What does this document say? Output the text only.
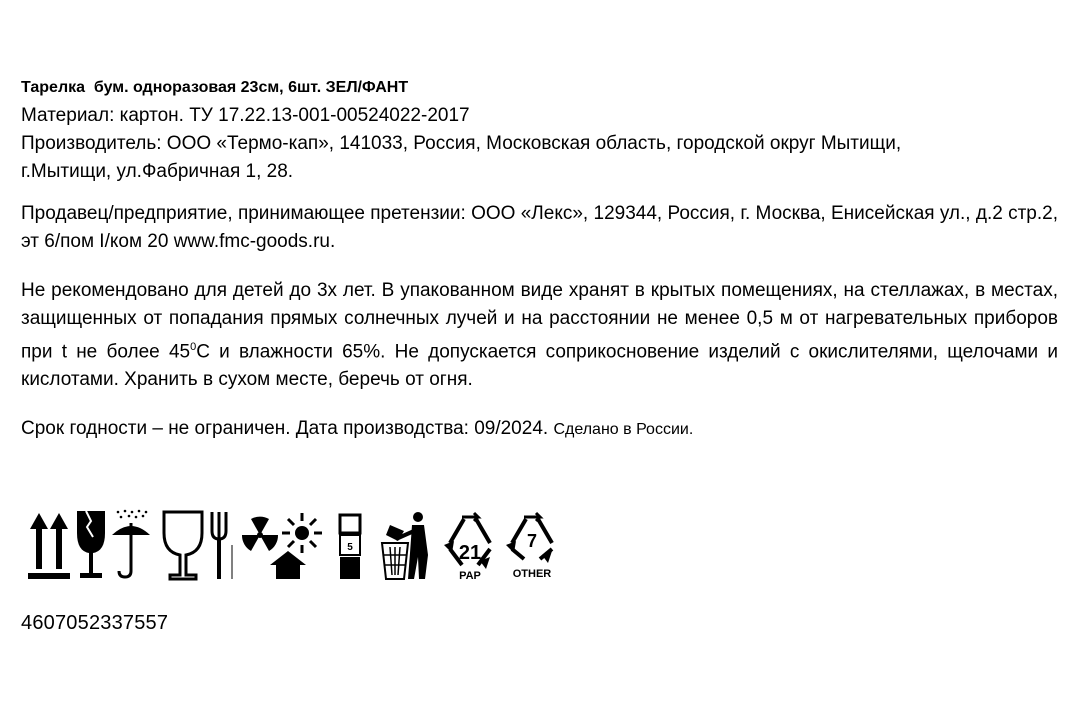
Тарелка  бум. одноразовая 23см, 6шт. ЗЕЛ/ФАНТ

Материал: картон. ТУ 17.22.13-001-00524022-2017

Производитель: ООО «Термо-кап», 141033, Россия, Московская область, городской округ Мытищи,

г.Мытищи, ул.Фабричная 1, 28.

Продавец/предприятие, принимающее претензии: ООО «Лекс», 129344, Россия, г. Москва, Енисейская ул., д.2 стр.2, эт 6/пом I/ком 20 www.fmc-goods.ru.

Не рекомендовано для детей до 3х лет. В упакованном виде хранят в крытых помещениях, на стеллажах, в местах, защищенных от попадания прямых солнечных лучей и на расстоянии не менее 0,5 м от нагревательных приборов при t не более $45^0С$ и влажности 65%. Не допускается соприкосновение изделий с окислителями, щелочами и кислотами. Хранить в сухом месте, беречь от огня.

Срок годности – не ограничен. Дата производства: 09/2024. Сделано в России.

5	21
PAP
7
OTHER
4607052337557
